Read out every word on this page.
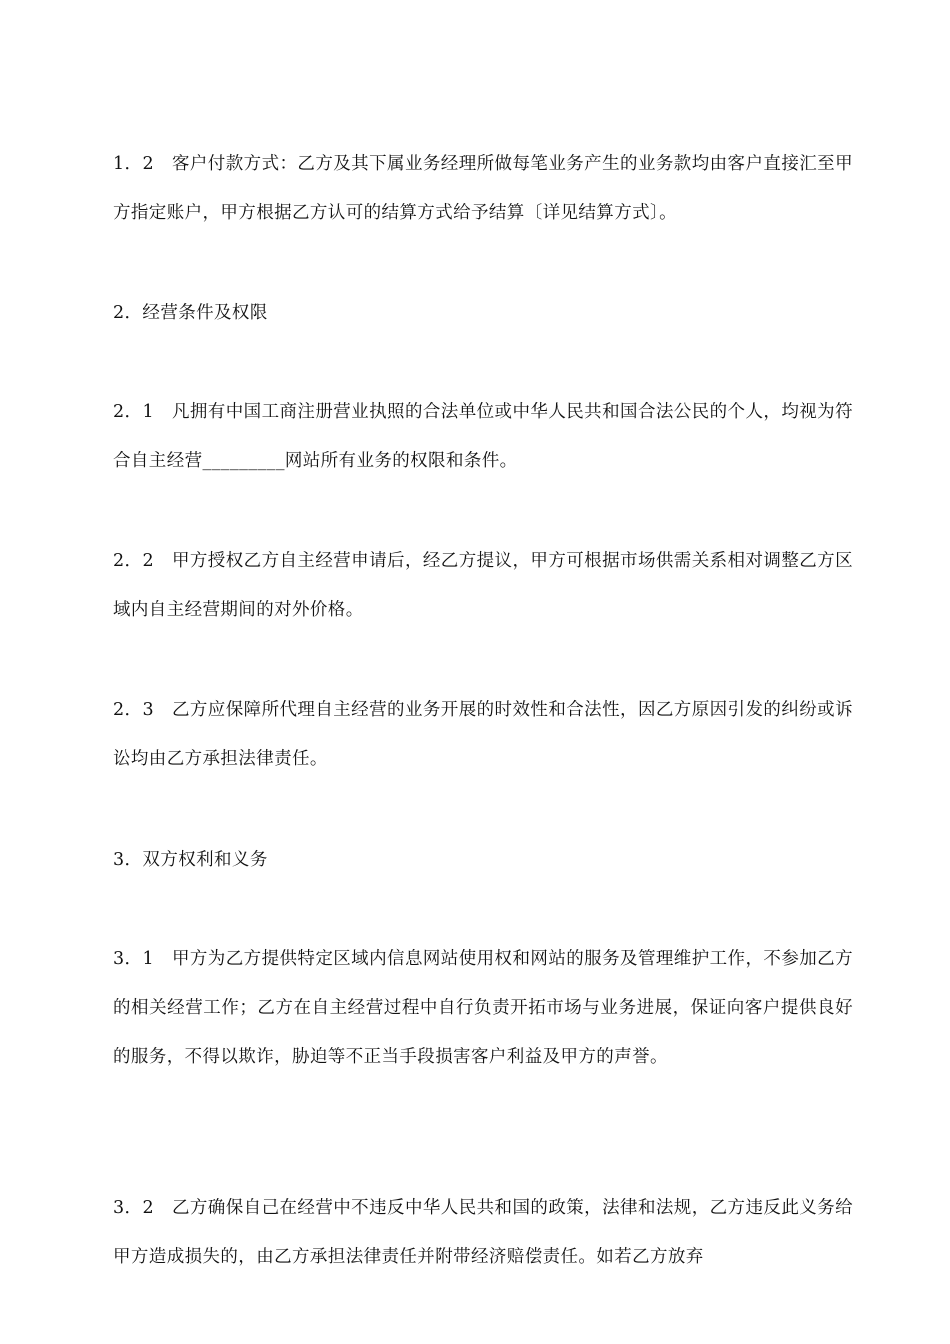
1．2　客户付款方式：乙方及其下属业务经理所做每笔业务产生的业务款均由客户直接汇至甲方指定账户，甲方根据乙方认可的结算方式给予结算〔详见结算方式〕。

2．经营条件及权限

2．1　凡拥有中国工商注册营业执照的合法单位或中华人民共和国合法公民的个人，均视为符合自主经营_________网站所有业务的权限和条件。

2．2　甲方授权乙方自主经营申请后，经乙方提议，甲方可根据市场供需关系相对调整乙方区域内自主经营期间的对外价格。

2．3　乙方应保障所代理自主经营的业务开展的时效性和合法性，因乙方原因引发的纠纷或诉讼均由乙方承担法律责任。

3．双方权利和义务

3．1　甲方为乙方提供特定区域内信息网站使用权和网站的服务及管理维护工作，不参加乙方的相关经营工作；乙方在自主经营过程中自行负责开拓市场与业务进展，保证向客户提供良好的服务，不得以欺诈，胁迫等不正当手段损害客户利益及甲方的声誉。

3．2　乙方确保自己在经营中不违反中华人民共和国的政策，法律和法规，乙方违反此义务给甲方造成损失的，由乙方承担法律责任并附带经济赔偿责任。如若乙方放弃
